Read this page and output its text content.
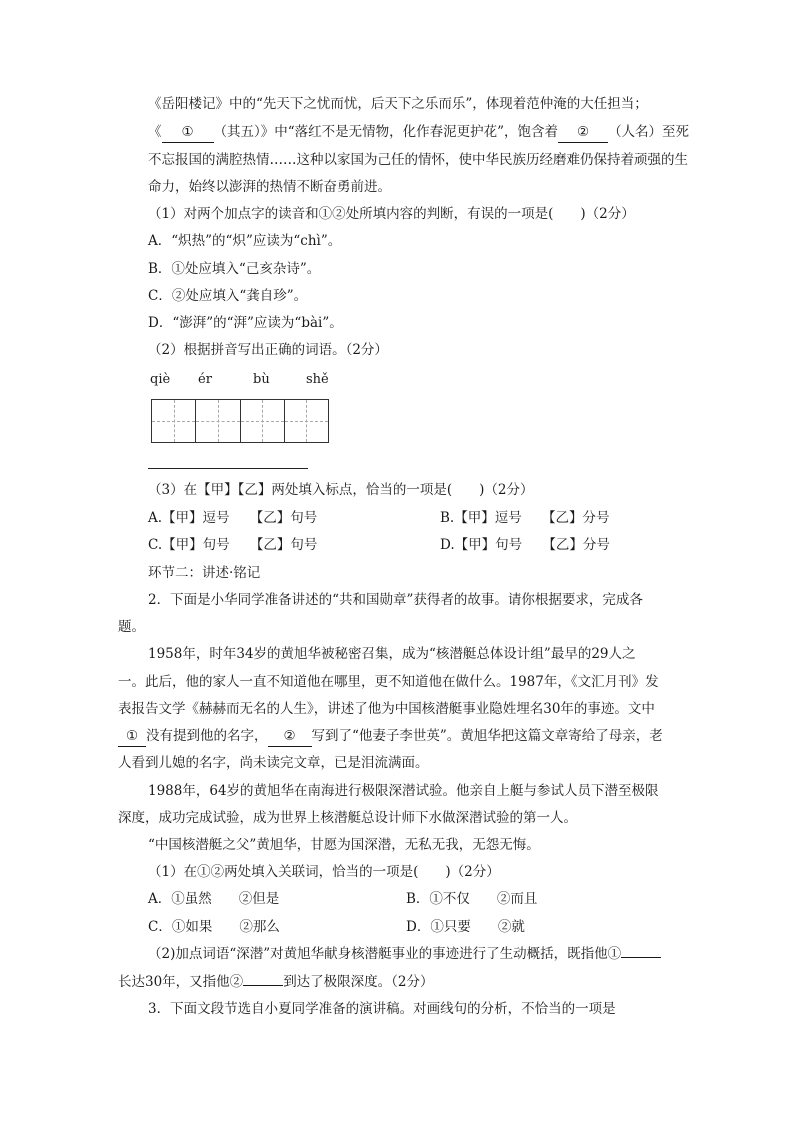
《岳阳楼记》中的“先天下之忧而忧，后天下之乐而乐”，体现着范仲淹的大任担当；
《 ① （其五）》中“落红不是无情物，化作春泥更护花”，饱含着 ② （人名）至死
不忘报国的满腔热情……这种以家国为己任的情怀，使中华民族历经磨难仍保持着顽强的生
命力，始终以澎湃的热情不断奋勇前进。
（1）对两个加点字的读音和①②处所填内容的判断，有误的一项是(　　)（2分）
A．“炽热”的“炽”应读为“chì”。
B．①处应填入“己亥杂诗”。
C．②处应填入“龚自珍”。
D．“澎湃”的“湃”应读为“bài”。
（2）根据拼音写出正确的词语。（2分）
qiè ér	bù	shě
（3）在【甲】【乙】两处填入标点，恰当的一项是(　　)（2分）
A.【甲】逗号　　【乙】句号	B.【甲】逗号　　【乙】分号
C.【甲】句号　　【乙】句号	D.【甲】句号　　【乙】分号
环节二：讲述·铭记
2．下面是小华同学准备讲述的“共和国勋章”获得者的故事。请你根据要求，完成各
题。
1958年，时年34岁的黄旭华被秘密召集，成为“核潜艇总体设计组”最早的29人之
一。此后，他的家人一直不知道他在哪里，更不知道他在做什么。1987年，《文汇月刊》发
表报告文学《赫赫而无名的人生》，讲述了他为中国核潜艇事业隐姓埋名30年的事迹。文中
① 没有提到他的名字， ② 写到了“他妻子李世英”。黄旭华把这篇文章寄给了母亲，老
人看到儿媳的名字，尚未读完文章，已是泪流满面。
1988年，64岁的黄旭华在南海进行极限深潜试验。他亲自上艇与参试人员下潜至极限
深度，成功完成试验，成为世界上核潜艇总设计师下水做深潜试验的第一人。
“中国核潜艇之父”黄旭华，甘愿为国深潜，无私无我，无怨无悔。
（1）在①②两处填入关联词，恰当的一项是(　　)（2分）
A．①虽然　　②但是	B．①不仅　　②而且
C．①如果　　②那么	D．①只要　　②就
（2)加点词语“深潜”对黄旭华献身核潜艇事业的事迹进行了生动概括，既指他①
长达30年，又指他②	到达了极限深度。（2分）
3．下面文段节选自小夏同学准备的演讲稿。对画线句的分析，不恰当的一项是
